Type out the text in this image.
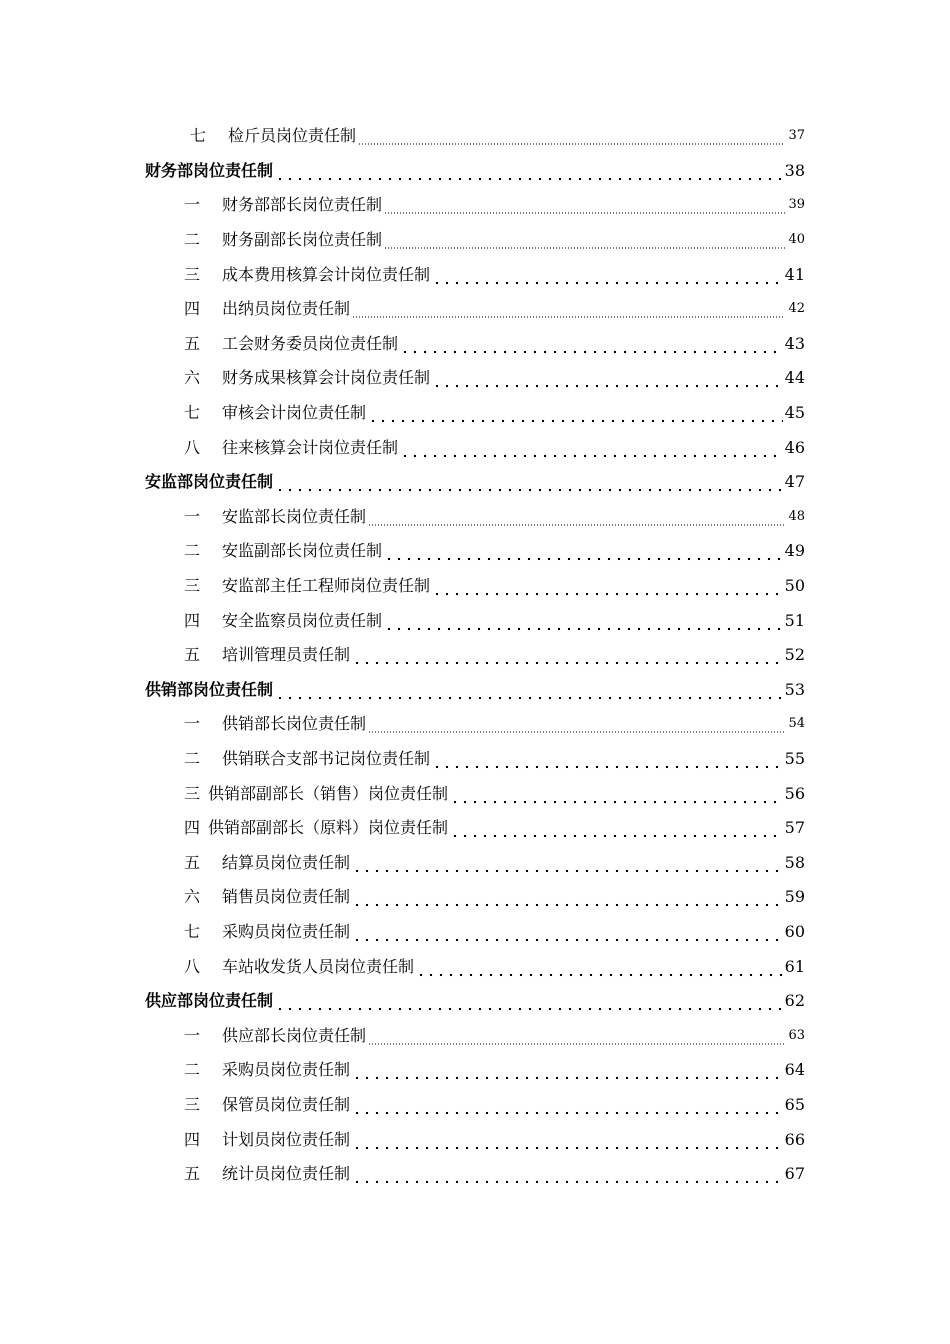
七 检斤员岗位责任制	37
财务部岗位责任制	38
一 财务部部长岗位责任制	39
二 财务副部长岗位责任制	40
三 成本费用核算会计岗位责任制	41
四 出纳员岗位责任制	42
五 工会财务委员岗位责任制	43
六 财务成果核算会计岗位责任制	44
七 审核会计岗位责任制	45
八 往来核算会计岗位责任制	46
安监部岗位责任制	47
一 安监部长岗位责任制	48
二 安监副部长岗位责任制	49
三 安监部主任工程师岗位责任制	50
四 安全监察员岗位责任制	51
五 培训管理员责任制	52
供销部岗位责任制	53
一 供销部长岗位责任制	54
二 供销联合支部书记岗位责任制	55
三 供销部副部长（销售）岗位责任制	56
四 供销部副部长（原料）岗位责任制	57
五 结算员岗位责任制	58
六 销售员岗位责任制	59
七 采购员岗位责任制	60
八 车站收发货人员岗位责任制	61
供应部岗位责任制	62
一 供应部长岗位责任制	63
二 采购员岗位责任制	64
三 保管员岗位责任制	65
四 计划员岗位责任制	66
五 统计员岗位责任制	67
